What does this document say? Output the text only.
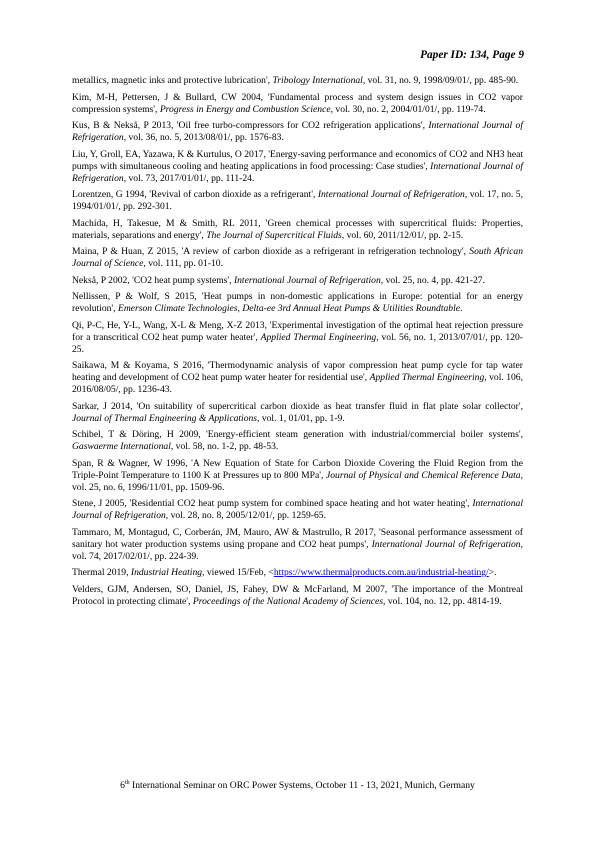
Paper ID: 134, Page 9
metallics, magnetic inks and protective lubrication', Tribology International, vol. 31, no. 9, 1998/09/01/, pp. 485-90.
Kim, M-H, Pettersen, J & Bullard, CW 2004, 'Fundamental process and system design issues in CO2 vapor compression systems', Progress in Energy and Combustion Science, vol. 30, no. 2, 2004/01/01/, pp. 119-74.
Kus, B & Nekså, P 2013, 'Oil free turbo-compressors for CO2 refrigeration applications', International Journal of Refrigeration, vol. 36, no. 5, 2013/08/01/, pp. 1576-83.
Liu, Y, Groll, EA, Yazawa, K & Kurtulus, O 2017, 'Energy-saving performance and economics of CO2 and NH3 heat pumps with simultaneous cooling and heating applications in food processing: Case studies', International Journal of Refrigeration, vol. 73, 2017/01/01/, pp. 111-24.
Lorentzen, G 1994, 'Revival of carbon dioxide as a refrigerant', International Journal of Refrigeration, vol. 17, no. 5, 1994/01/01/, pp. 292-301.
Machida, H, Takesue, M & Smith, RL 2011, 'Green chemical processes with supercritical fluids: Properties, materials, separations and energy', The Journal of Supercritical Fluids, vol. 60, 2011/12/01/, pp. 2-15.
Maina, P & Huan, Z 2015, 'A review of carbon dioxide as a refrigerant in refrigeration technology', South African Journal of Science, vol. 111, pp. 01-10.
Nekså, P 2002, 'CO2 heat pump systems', International Journal of Refrigeration, vol. 25, no. 4, pp. 421-27.
Nellissen, P & Wolf, S 2015, 'Heat pumps in non-domestic applications in Europe: potential for an energy revolution', Emerson Climate Technologies, Delta-ee 3rd Annual Heat Pumps & Utilities Roundtable.
Qi, P-C, He, Y-L, Wang, X-L & Meng, X-Z 2013, 'Experimental investigation of the optimal heat rejection pressure for a transcritical CO2 heat pump water heater', Applied Thermal Engineering, vol. 56, no. 1, 2013/07/01/, pp. 120-25.
Saikawa, M & Koyama, S 2016, 'Thermodynamic analysis of vapor compression heat pump cycle for tap water heating and development of CO2 heat pump water heater for residential use', Applied Thermal Engineering, vol. 106, 2016/08/05/, pp. 1236-43.
Sarkar, J 2014, 'On suitability of supercritical carbon dioxide as heat transfer fluid in flat plate solar collector', Journal of Thermal Engineering & Applications, vol. 1, 01/01, pp. 1-9.
Schibel, T & Döring, H 2009, 'Energy-efficient steam generation with industrial/commercial boiler systems', Gaswaerme International, vol. 58, no. 1-2, pp. 48-53.
Span, R & Wagner, W 1996, 'A New Equation of State for Carbon Dioxide Covering the Fluid Region from the Triple-Point Temperature to 1100 K at Pressures up to 800 MPa', Journal of Physical and Chemical Reference Data, vol. 25, no. 6, 1996/11/01, pp. 1509-96.
Stene, J 2005, 'Residential CO2 heat pump system for combined space heating and hot water heating', International Journal of Refrigeration, vol. 28, no. 8, 2005/12/01/, pp. 1259-65.
Tammaro, M, Montagud, C, Corberán, JM, Mauro, AW & Mastrullo, R 2017, 'Seasonal performance assessment of sanitary hot water production systems using propane and CO2 heat pumps', International Journal of Refrigeration, vol. 74, 2017/02/01/, pp. 224-39.
Thermal 2019, Industrial Heating, viewed 15/Feb, <https://www.thermalproducts.com.au/industrial-heating/>.
Velders, GJM, Andersen, SO, Daniel, JS, Fahey, DW & McFarland, M 2007, 'The importance of the Montreal Protocol in protecting climate', Proceedings of the National Academy of Sciences, vol. 104, no. 12, pp. 4814-19.
6th International Seminar on ORC Power Systems, October 11 - 13, 2021, Munich, Germany
